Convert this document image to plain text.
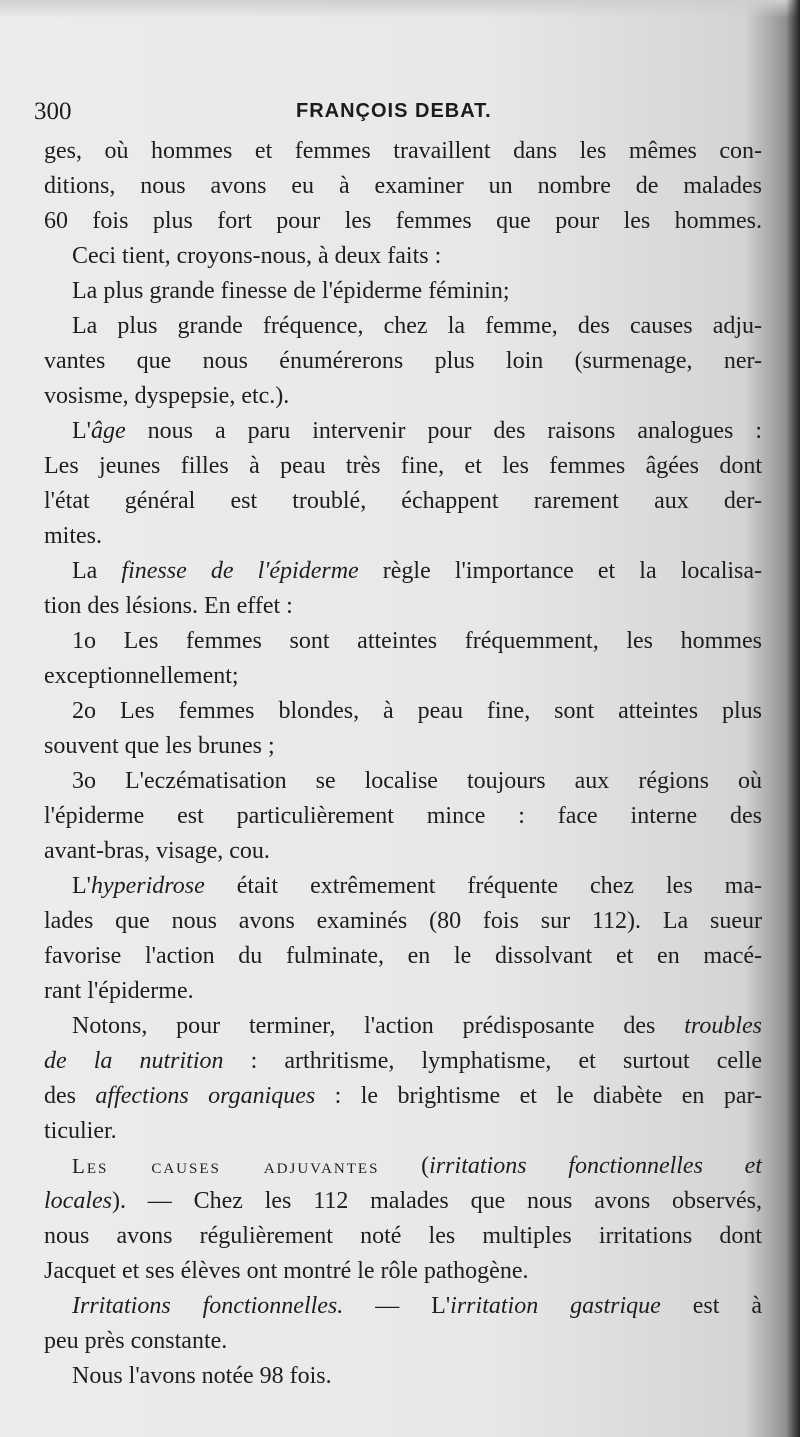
300	FRANÇOIS DEBAT.
ges, où hommes et femmes travaillent dans les mêmes con-
ditions, nous avons eu à examiner un nombre de malades
60 fois plus fort pour les femmes que pour les hommes.
Ceci tient, croyons-nous, à deux faits :
La plus grande finesse de l'épiderme féminin;
La plus grande fréquence, chez la femme, des causes adju-
vantes que nous énumérerons plus loin (surmenage, ner-
vosisme, dyspepsie, etc.).
L'âge nous a paru intervenir pour des raisons analogues :
Les jeunes filles à peau très fine, et les femmes âgées dont
l'état général est troublé, échappent rarement aux der-
mites.
La finesse de l'épiderme règle l'importance et la localisa-
tion des lésions. En effet :
1o Les femmes sont atteintes fréquemment, les hommes
exceptionnellement;
2o Les femmes blondes, à peau fine, sont atteintes plus
souvent que les brunes ;
3o L'eczématisation se localise toujours aux régions où
l'épiderme est particulièrement mince : face interne des
avant-bras, visage, cou.
L'hyperidrose était extrêmement fréquente chez les ma-
lades que nous avons examinés (80 fois sur 112). La sueur
favorise l'action du fulminate, en le dissolvant et en macé-
rant l'épiderme.
Notons, pour terminer, l'action prédisposante des troubles
de la nutrition : arthritisme, lymphatisme, et surtout celle
des affections organiques : le brightisme et le diabète en par-
ticulier.
Les causes adjuvantes (irritations fonctionnelles et
locales). — Chez les 112 malades que nous avons observés,
nous avons régulièrement noté les multiples irritations dont
Jacquet et ses élèves ont montré le rôle pathogène.
Irritations fonctionnelles. — L'irritation gastrique est à
peu près constante.
Nous l'avons notée 98 fois.
